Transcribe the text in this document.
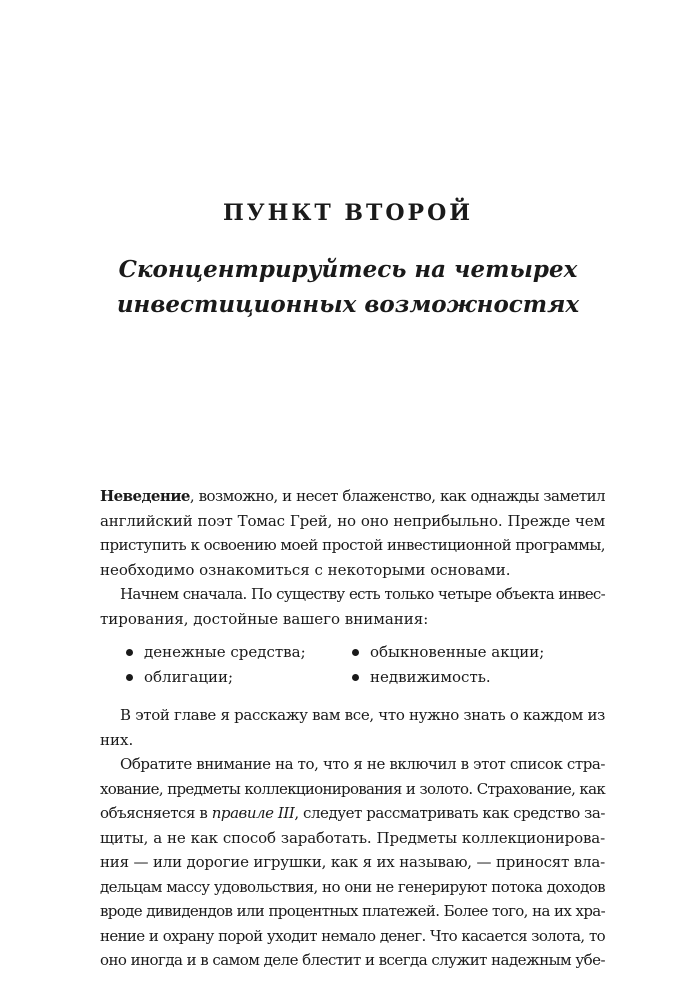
ПУНКТ ВТОРОЙ
Сконцентрируйтесь на четырех
инвестиционных возможностях

Неведение, возможно, и несет блаженство, как однажды заметил
английский поэт Томас Грей, но оно неприбыльно. Прежде чем
приступить к освоению моей простой инвестиционной программы,
необходимо ознакомиться с некоторыми основами.

Начнем сначала. По существу есть только четыре объекта инвес-
тирования, достойные вашего внимания:

денежные средства;	обыкновенные акции;
облигации;	недвижимость.

В этой главе я расскажу вам все, что нужно знать о каждом из
них.

Обратите внимание на то, что я не включил в этот список стра-
хование, предметы коллекционирования и золото. Страхование, как
объясняется в правиле III, следует рассматривать как средство за-
щиты, а не как способ заработать. Предметы коллекционирова-
ния — или дорогие игрушки, как я их называю, — приносят вла-
дельцам массу удовольствия, но они не генерируют потока доходов
вроде дивидендов или процентных платежей. Более того, на их хра-
нение и охрану порой уходит немало денег. Что касается золота, то
оно иногда и в самом деле блестит и всегда служит надежным убе-
